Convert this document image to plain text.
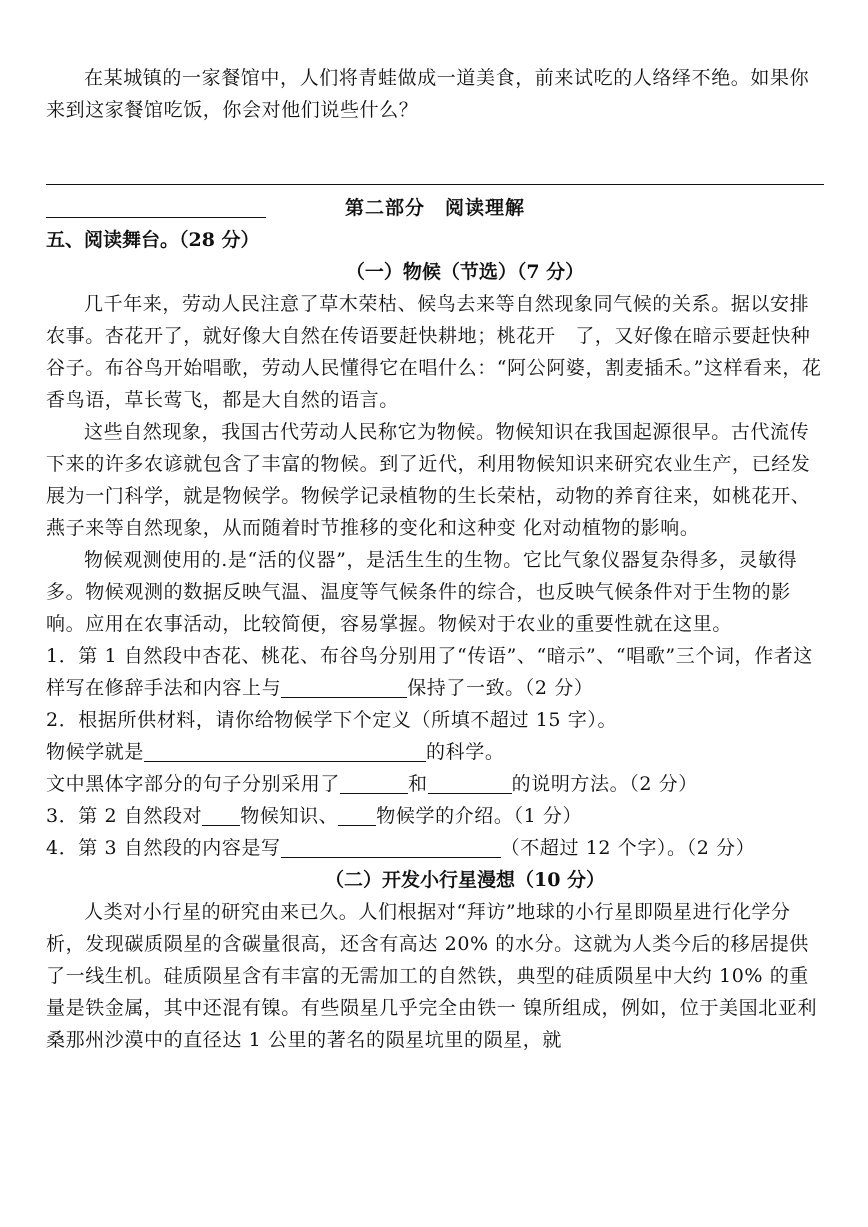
在某城镇的一家餐馆中，人们将青蛙做成一道美食，前来试吃的人络绎不绝。如果你来到这家餐馆吃饭，你会对他们说些什么？

第二部分　阅读理解
五、阅读舞台。（28 分）
（一）物候（节选）（7 分）

几千年来，劳动人民注意了草木荣枯、候鸟去来等自然现象同气候的关系。据以安排农事。杏花开了，就好像大自然在传语要赶快耕地；桃花开　了，又好像在暗示要赶快种谷子。布谷鸟开始唱歌，劳动人民懂得它在唱什么：“阿公阿婆，割麦插禾。”这样看来，花香鸟语，草长莺飞，都是大自然的语言。

这些自然现象，我国古代劳动人民称它为物候。物候知识在我国起源很早。古代流传下来的许多农谚就包含了丰富的物候。到了近代，利用物候知识来研究农业生产，已经发展为一门科学，就是物候学。物候学记录植物的生长荣枯，动物的养育往来，如桃花开、燕子来等自然现象，从而随着时节推移的变化和这种变 化对动植物的影响。

物候观测使用的.是“活的仪器”，是活生生的生物。它比气象仪器复杂得多，灵敏得多。物候观测的数据反映气温、温度等气候条件的综合，也反映气候条件对于生物的影响。应用在农事活动，比较简便，容易掌握。物候对于农业的重要性就在这里。

1．第 1 自然段中杏花、桃花、布谷鸟分别用了“传语”、“暗示”、“唱歌”三个词，作者这样写在修辞手法和内容上与	保持了一致。（2 分）

2．根据所供材料，请你给物候学下个定义（所填不超过 15 字）。

物候学就是	的科学。

文中黑体字部分的句子分别采用了	和	的说明方法。（2 分）

3．第 2 自然段对 物候知识、 物候学的介绍。（1 分）

4．第 3 自然段的内容是写	（不超过 12 个字）。（2 分）

（二）开发小行星漫想（10 分）

人类对小行星的研究由来已久。人们根据对“拜访”地球的小行星即陨星进行化学分析，发现碳质陨星的含碳量很高，还含有高达 20% 的水分。这就为人类今后的移居提供了一线生机。硅质陨星含有丰富的无需加工的自然铁，典型的硅质陨星中大约 10% 的重量是铁金属，其中还混有镍。有些陨星几乎完全由铁一 镍所组成，例如，位于美国北亚利桑那州沙漠中的直径达 1 公里的著名的陨星坑里的陨星，就
